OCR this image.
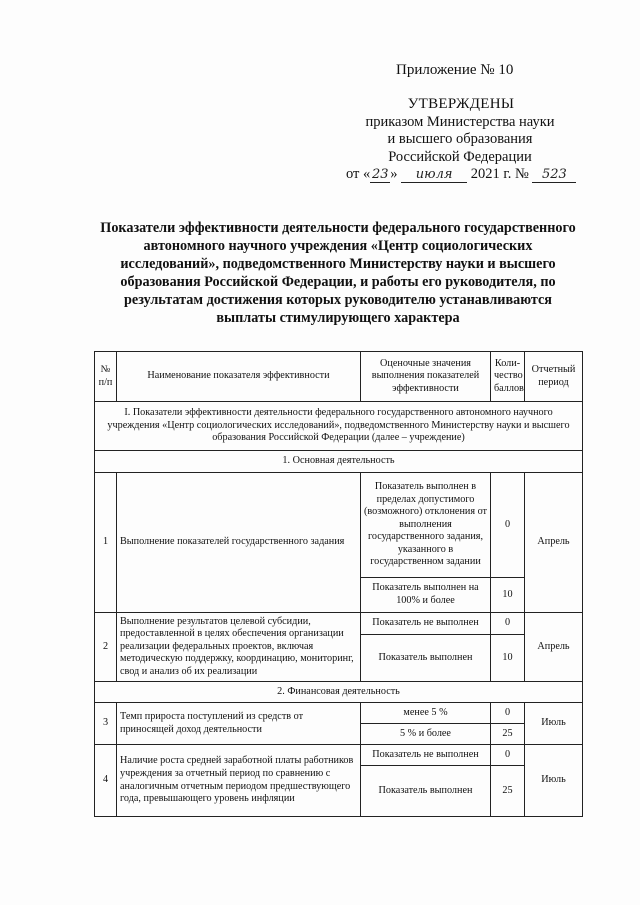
Приложение № 10
УТВЕРЖДЕНЫ
приказом Министерства науки
и высшего образования
Российской Федерации
от « 23 » июля 2021 г. № 523
Показатели эффективности деятельности федерального государственного автономного научного учреждения «Центр социологических исследований», подведомственного Министерству науки и высшего образования Российской Федерации, и работы его руководителя, по результатам достижения которых руководителю устанавливаются выплаты стимулирующего характера
№ п/п	Наименование показателя эффективности	Оценочные значения выполнения показателей эффективности	Коли-чество баллов	Отчетный период
I. Показатели эффективности деятельности федерального государственного автономного научного учреждения «Центр социологических исследований», подведомственного Министерству науки и высшего образования Российской Федерации (далее – учреждение)				
1. Основная деятельность				
1	Выполнение показателей государственного задания	Показатель выполнен в пределах допустимого (возможного) отклонения от выполнения государственного задания, указанного в государственном задании	0	Апрель
		Показатель выполнен на 100% и более	10	
2	Выполнение результатов целевой субсидии, предоставленной в целях обеспечения организации реализации федеральных проектов, включая методическую поддержку, координацию, мониторинг, свод и анализ об их реализации	Показатель не выполнен	0	Апрель
		Показатель выполнен	10	
2. Финансовая деятельность				
3	Темп прироста поступлений из средств от приносящей доход деятельности	менее 5 %	0	Июль
		5 % и более	25	
4	Наличие роста средней заработной платы работников учреждения за отчетный период по сравнению с аналогичным отчетным периодом предшествующего года, превышающего уровень инфляции	Показатель не выполнен	0	Июль
		Показатель выполнен	25	
